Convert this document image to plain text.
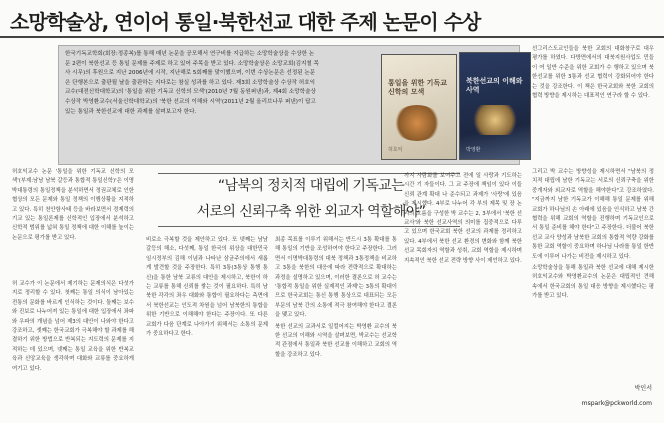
소망학술상, 연이어 통일·북한선교 대한 주제 논문이 수상
한국기독교학회(회장:정종복)를 통해 매년 논문을 공모해서 연구비를 지급하는 소망학술상을 수상한 논문 2편이 북한선교 등 통일 문제를 주제로 하고 있어 주목을 받고 있다. 소망학술상은 소망교회(김지철 목사 시무)의 후원으로 지난 2006년에 시작, 지난해로 5회째를 맞이했으며, 이번 수상논문은 선정된 논문은 단행본으로 출판될 날을 출판하는 지다로는 참실 성과를 하고 있다. 제3회 소망학술상 수상작 허호익교수(대전신학대학교)의 '통일을 위한 기독교 신학의 모색'(2010년 7월 동원퍼낸)과, 제4회 소망학술상 수상작 박영환교수(서울신학대학교)의 '북한 선교의 이해와 시역'(2011년 2월 올리브나무 퍼낸)이 답고 있는 통일과 북한선교에 대한 과제를 살펴보고자 한다.
통일을 위한 기독교 신학의 모색
허호익
북한선교의 이해와 사역
박영환

허호익교수 논문 '통일을 위한 기독교 신학의 모색'(부제:남남 남북 갈등과 통합적 통일신학)'은 이명박대통령의 통일정책을 분석하면서 정권교체로 인한 협상의 모든 문제와 통일 정책의 이행상황을 지적하고 있다. 특히 천안함사태 등을 바라보면서 경제력의 기교 있는 통일론제를 신학적인 입장에서 분석하고 신학적 범위를 넓혀 통일 정책에 대한 이해를 높이는 논문으로 평가를 받고 있다.

허 교수가 이 논문에서 제기하는 문제의식은 다섯가지로 정리할 수 있다. 첫째는 통일 의식이 남아있는 전통의 문화를 바르게 인식하는 것이다. 둘째는 보수와 진보로 나누어져 있는 통일에 대한 입장에서 좌파와 우파의 개념을 넘어 제3의 대안이 나와야 한다고 강조하고, 셋째는 한국교회가 극복해야 할 과제를 해결하기 위한 방법으로 반복되는 지도력의 문제를 지적하는 데 있으며, 넷째는 통일 교육을 위한 반복교육과 신앙교육을 생각하며 대화와 교류를 중요하게 여기고 있다.

“남북의 정치적 대립에 기독교는
서로의 신뢰구축 위한 외교자 역할해야”

비로소 극복할 것을 제안하고 있다. 또 넷째는 남남갈등의 해소, 다섯째, 통일 한국의 위상을 대한민국 임시정부의 김해 이념과 나타난 삼균주의에서 새롭게 발견할 것을 주장한다. 특히 3통(3통상 통행 통신)을 통한 남북 교류의 대안을 제시하고, 북한이 하는 교류를 통해 신뢰를 쌓는 것이 필요하다. 특히 남북한 각각의 좌우 대화와 통합이 필요하다는 측면에서 북한선교는 인도적 차원을 넘어 남북한의 통합을 위한 기반으로 이해해야 한다는 주장이다. 또 다른 교회가 다음 단계로 나아가기 위해서는 소통의 문제가 중요하다고 한다.

최종 목표를 이루기 위해서는 반드시 3통 확대를 통해 통일의 기반을 조성하여야 한다고 주장한다. 그러면서 이명박대통령의 대북 정책과 3통정책을 비교하고 3통을 북한의 대응에 따라 전략적으로 확대하는 과정을 설명하고 있으며, 이러한 결론으로 허 교수는 '통합적 통일을 위한 실제적인 과제'는 3통의 확대이므로 한국교회는 통신 통행 통상으로 대표되는 모든 부문의 남북 간의 소통에 적극 참여해야 한다고 결론을 맺고 있다.

북한 선교의 교과서로 일컬어지는 박영환 교수의 북한 선교의 이해와 시역을 살펴보면, 박교수는 선교학적 관점에서 통일과 북한 선교를 이해하고 교회의 역할을 강조하고 있다.

까지 사람화를 보여주고 전에 일 사랑과 기도하는 시간 기 자들이다. 그 교 주장에 책임이 있다 이들 신뢰 관계 확대 나 준수되고 과제가 '사랑'에 있음을 제시했다. 4부로 나누어 각 부의 제목 및 장 논리의 흐름을 구성한 박 교수는 2, 3부에서 '북한 선교사'와 북한 선교사역의 의미를 집중적으로 다루고 있으며 한국교회 북한 선교의 과제를 정리하고 있다. 4부에서 북한 선교 환경의 변화와 함께 북한 선교 목회자의 역할과 성취, 교회 역할을 제시하며 지속적인 북한 선교 전략 방향 사이 제언하고 있다.

선그리스도교인들을 북한 교회의 대화창구로 대우 평가를 하였다. 다방면에서의 대북지원사업도 민들이 여 일반 수준을 위한 교회가 수 행하고 있으며 북한선교를 위한 3통과 선교 협력이 강화되어야 한다는 것을 강조한다. 이 책은 한국교회와 북한 교회의 협력 방향을 제시하는 대표적인 연구라 할 수 있다.

그리고 박 교수는 방향성을 제시하면서 "남북의 정치적 대립에 남한 기독교는 서로의 신뢰구축을 위한 중개자와 외교자로 역할을 해야한다"고 강조하였다. "지금까지 남한 기독교가 이해해 통일 문제를 위해 교회가 하나님의 손 아래에 있음을 인식하고 남북 간 협력을 위해 교회의 역할을 진행하며 기독교인으로서 통일 준비를 해야 한다"고 주장한다. 더불어 북한 선교 교사 양성과 남북한 교회의 통합적 역량 강화를 통한 교회 역할이 중요하며 하나님 나라를 통일 한반도에 이루어 나가는 비전을 제시하고 있다.

소망학술상을 통해 통일과 북한 선교에 대해 제시한 허호익교수와 박영환교수의 논문은 대립적인 견해 속에서 한국교회의 통일 대응 방향을 제시했다는 평가를 받고 있다.

박인서
mspark@pckworld.com
